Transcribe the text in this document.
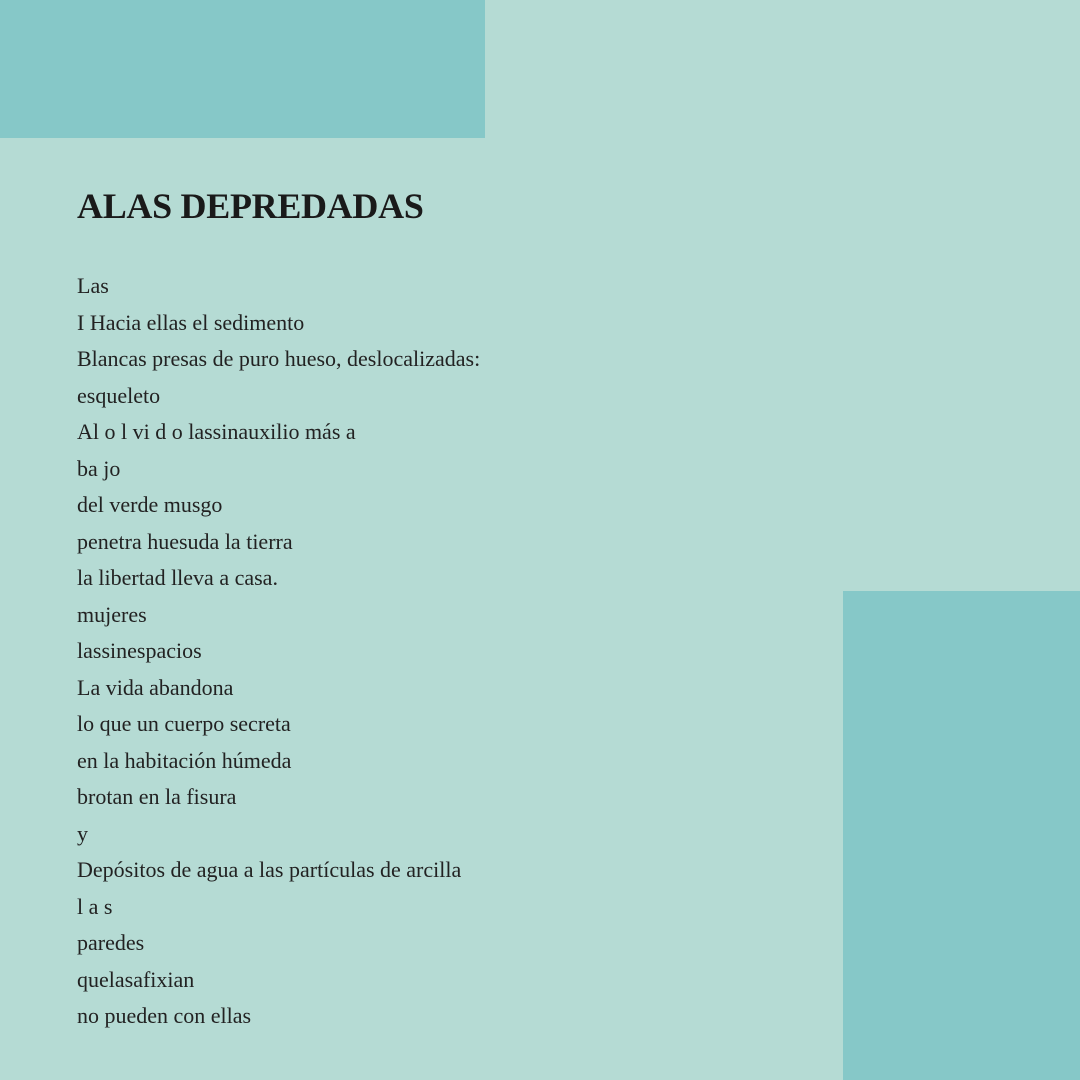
ALAS DEPREDADAS
Las
I Hacia ellas el sedimento
Blancas presas de puro hueso, deslocalizadas:
esqueleto
Al o l vi d o lassinauxilio más a
ba jo
del verde musgo
penetra huesuda la tierra
la libertad lleva a casa.
mujeres
lassinespacios
La vida abandona
lo que un cuerpo secreta
en la habitación húmeda
brotan en la fisura
y
Depósitos de agua a las partículas de arcilla
l a s
paredes
quelasafixian
no pueden con ellas
